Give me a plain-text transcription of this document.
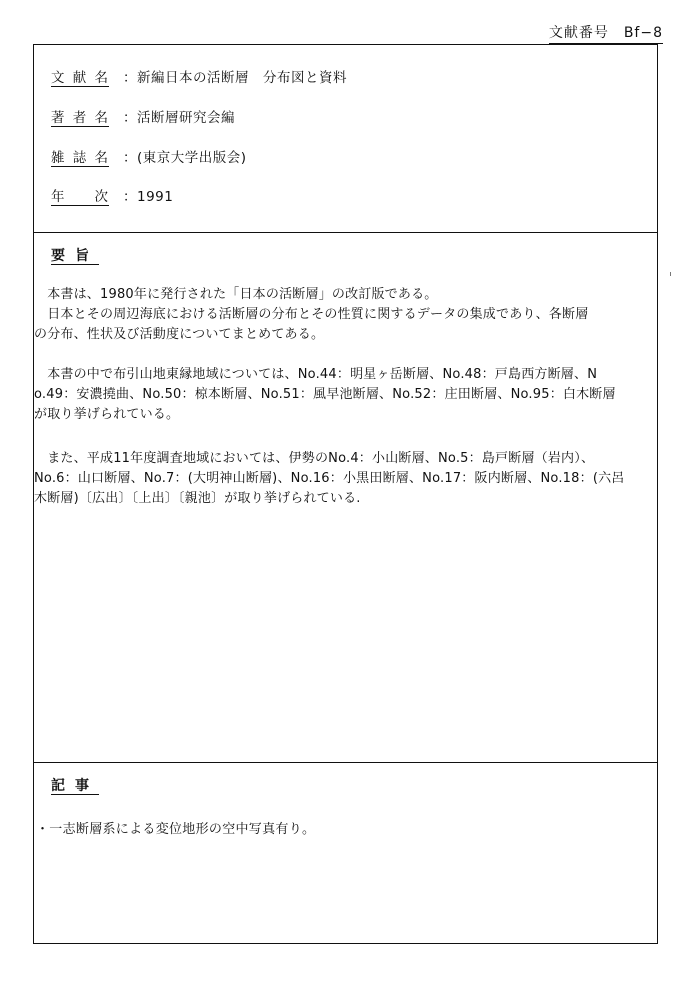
文献番号　Bf−8
文献名 ：新編日本の活断層　分布図と資料
著者名 ：活断層研究会編
雑誌名 ：(東京大学出版会)
年次 ：1991
要旨
　本書は、1980年に発行された「日本の活断層」の改訂版である。
　日本とその周辺海底における活断層の分布とその性質に関するデータの集成であり、各断層
の分布、性状及び活動度についてまとめてある。
　本書の中で布引山地東縁地域については、No.44：明星ヶ岳断層、No.48：戸島西方断層、N
o.49：安濃撓曲、No.50：椋本断層、No.51：風早池断層、No.52：庄田断層、No.95：白木断層
が取り挙げられている。
　また、平成11年度調査地域においては、伊勢のNo.4：小山断層、No.5：島戸断層（岩内）、
No.6：山口断層、No.7：(大明神山断層)、No.16：小黒田断層、No.17：阪内断層、No.18：(六呂
木断層)〔広出〕〔上出〕〔親池〕が取り挙げられている.
記事
・一志断層系による変位地形の空中写真有り。
